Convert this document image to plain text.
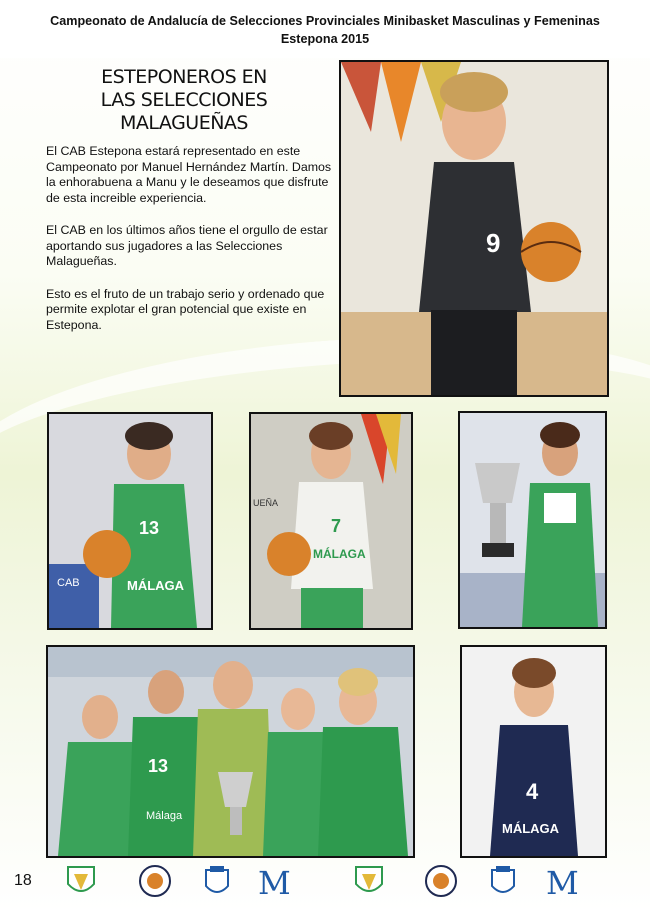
Campeonato de Andalucía de Selecciones Provinciales Minibasket Masculinas y Femeninas
Estepona 2015
ESTEPONEROS EN
LAS SELECCIONES
MALAGUEÑAS

El CAB Estepona estará representado en este Campeonato por Manuel Hernández Martín. Damos la enhorabuena a Manu y le deseamos que disfrute de esta increible experiencia.

El CAB en los últimos años tiene el orgullo de estar aportando sus jugadores a las Selecciones Malagueñas.

Esto es el fruto de un trabajo serio y ordenado que permite explotar el gran potencial que existe en Estepona.

9
CAB
13
MÁLAGA
UEÑA
7
MÁLAGA
13
Málaga
4
MÁLAGA
18	M	M
